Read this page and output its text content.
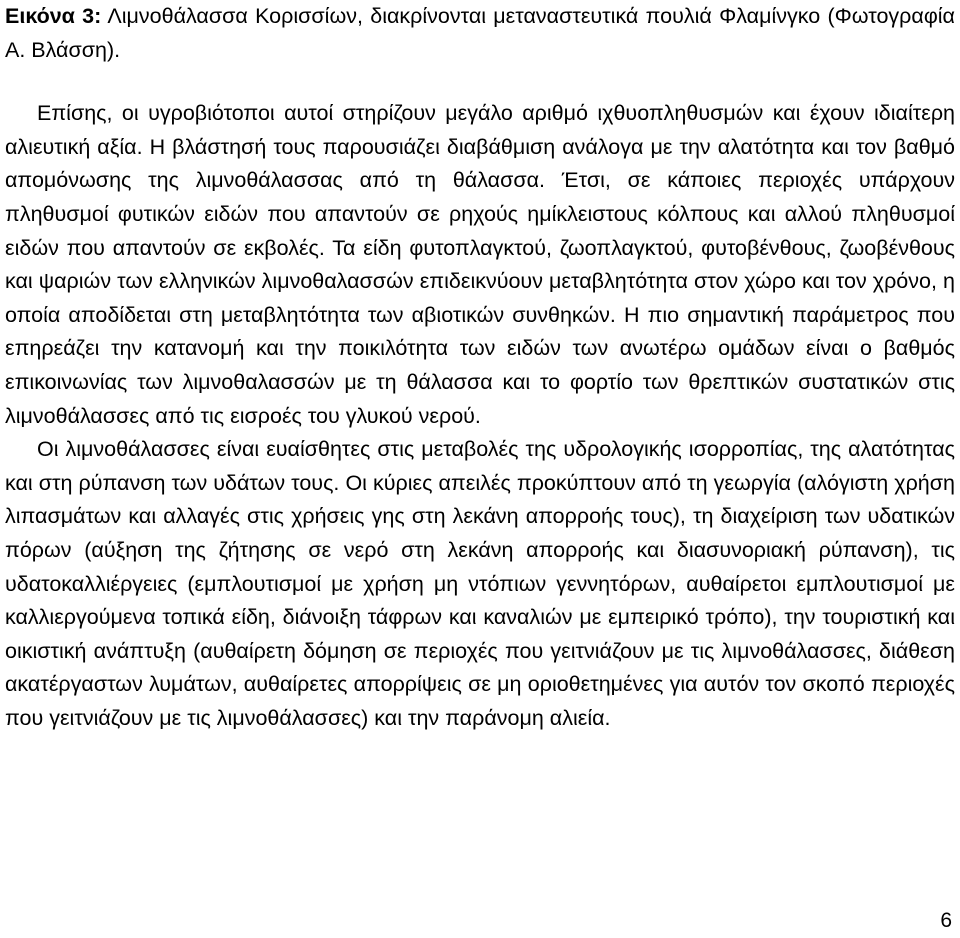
Εικόνα 3: Λιμνοθάλασσα Κορισσίων, διακρίνονται μεταναστευτικά πουλιά Φλαμίνγκο (Φωτογραφία Α. Βλάσση).

Επίσης, οι υγροβιότοποι αυτοί στηρίζουν μεγάλο αριθμό ιχθυοπληθυσμών και έχουν ιδιαίτερη αλιευτική αξία. Η βλάστησή τους παρουσιάζει διαβάθμιση ανάλογα με την αλατότητα και τον βαθμό απομόνωσης της λιμνοθάλασσας από τη θάλασσα. Έτσι, σε κάποιες περιοχές υπάρχουν πληθυσμοί φυτικών ειδών που απαντούν σε ρηχούς ημίκλειστους κόλπους και αλλού πληθυσμοί ειδών που απαντούν σε εκβολές. Τα είδη φυτοπλαγκτού, ζωοπλαγκτού, φυτοβένθους, ζωοβένθους και ψαριών των ελληνικών λιμνοθαλασσών επιδεικνύουν μεταβλητότητα στον χώρο και τον χρόνο, η οποία αποδίδεται στη μεταβλητότητα των αβιοτικών συνθηκών. Η πιο σημαντική παράμετρος που επηρεάζει την κατανομή και την ποικιλότητα των ειδών των ανωτέρω ομάδων είναι ο βαθμός επικοινωνίας των λιμνοθαλασσών με τη θάλασσα και το φορτίο των θρεπτικών συστατικών στις λιμνοθάλασσες από τις εισροές του γλυκού νερού.

Οι λιμνοθάλασσες είναι ευαίσθητες στις μεταβολές της υδρολογικής ισορροπίας, της αλατότητας και στη ρύπανση των υδάτων τους. Οι κύριες απειλές προκύπτουν από τη γεωργία (αλόγιστη χρήση λιπασμάτων και αλλαγές στις χρήσεις γης στη λεκάνη απορροής τους), τη διαχείριση των υδατικών πόρων (αύξηση της ζήτησης σε νερό στη λεκάνη απορροής και διασυνοριακή ρύπανση), τις υδατοκαλλιέργειες (εμπλουτισμοί με χρήση μη ντόπιων γεννητόρων, αυθαίρετοι εμπλουτισμοί με καλλιεργούμενα τοπικά είδη, διάνοιξη τάφρων και καναλιών με εμπειρικό τρόπο), την τουριστική και οικιστική ανάπτυξη (αυθαίρετη δόμηση σε περιοχές που γειτνιάζουν με τις λιμνοθάλασσες, διάθεση ακατέργαστων λυμάτων, αυθαίρετες απορρίψεις σε μη οριοθετημένες για αυτόν τον σκοπό περιοχές που γειτνιάζουν με τις λιμνοθάλασσες) και την παράνομη αλιεία.

6
